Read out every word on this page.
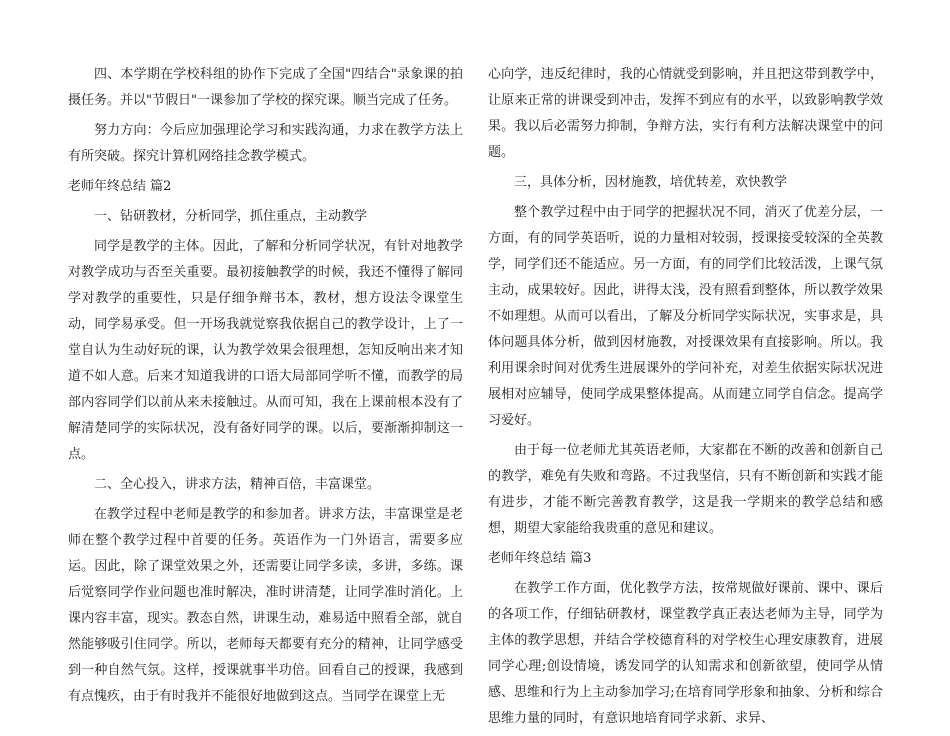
四、本学期在学校科组的协作下完成了全国"四结合"录象课的拍摄任务。并以"节假日"一课参加了学校的探究课。顺当完成了任务。

努力方向：今后应加强理论学习和实践沟通，力求在教学方法上有所突破。探究计算机网络挂念教学模式。

老师年终总结 篇2

一、钻研教材，分析同学，抓住重点，主动教学

同学是教学的主体。因此，了解和分析同学状况，有针对地教学对教学成功与否至关重要。最初接触教学的时候，我还不懂得了解同学对教学的重要性，只是仔细争辩书本，教材，想方设法令课堂生动，同学易承受。但一开场我就觉察我依据自己的教学设计，上了一堂自认为生动好玩的课，认为教学效果会很理想，怎知反响出来才知道不如人意。后来才知道我讲的口语大局部同学听不懂，而教学的局部内容同学们以前从来未接触过。从而可知，我在上课前根本没有了解清楚同学的实际状况，没有备好同学的课。以后，要渐渐抑制这一点。

二、全心投入，讲求方法，精神百倍，丰富课堂。

在教学过程中老师是教学的和参加者。讲求方法，丰富课堂是老师在整个教学过程中首要的任务。英语作为一门外语言，需要多应运。因此，除了课堂效果之外，还需要让同学多读，多讲，多练。课后觉察同学作业问题也准时解决，准时讲清楚，让同学准时消化。上课内容丰富，现实。教态自然，讲课生动，难易适中照看全部，就自然能够吸引住同学。所以，老师每天都要有充分的精神，让同学感受到一种自然气氛。这样，授课就事半功倍。回看自己的授课，我感到有点愧疚，由于有时我并不能很好地做到这点。当同学在课堂上无

心向学，违反纪律时，我的心情就受到影响，并且把这带到教学中，让原来正常的讲课受到冲击，发挥不到应有的水平，以致影响教学效果。我以后必需努力抑制，争辩方法，实行有利方法解决课堂中的问题。

三，具体分析，因材施教，培优转差，欢快教学

整个教学过程中由于同学的把握状况不同，消灭了优差分层，一方面，有的同学英语听，说的力量相对较弱，授课接受较深的全英教学，同学们还不能适应。另一方面，有的同学们比较活泼，上课气氛主动，成果较好。因此，讲得太浅，没有照看到整体，所以教学效果不如理想。从而可以看出，了解及分析同学实际状况，实事求是，具体问题具体分析，做到因材施教，对授课效果有直接影响。所以。我利用课余时间对优秀生进展课外的学问补充，对差生依据实际状况进展相对应辅导，使同学成果整体提高。从而建立同学自信念。提高学习爱好。

由于每一位老师尤其英语老师，大家都在不断的改善和创新自己的教学，难免有失败和弯路。不过我坚信，只有不断创新和实践才能有进步，才能不断完善教育教学，这是我一学期来的教学总结和感想，期望大家能给我贵重的意见和建议。

老师年终总结 篇3

在教学工作方面，优化教学方法，按常规做好课前、课中、课后的各项工作，仔细钻研教材，课堂教学真正表达老师为主导，同学为主体的教学思想，并结合学校德育科的对学校生心理安康教育，进展同学心理;创设情境，诱发同学的认知需求和创新欲望，使同学从情感、思维和行为上主动参加学习;在培育同学形象和抽象、分析和综合思维力量的同时，有意识地培育同学求新、求异、
